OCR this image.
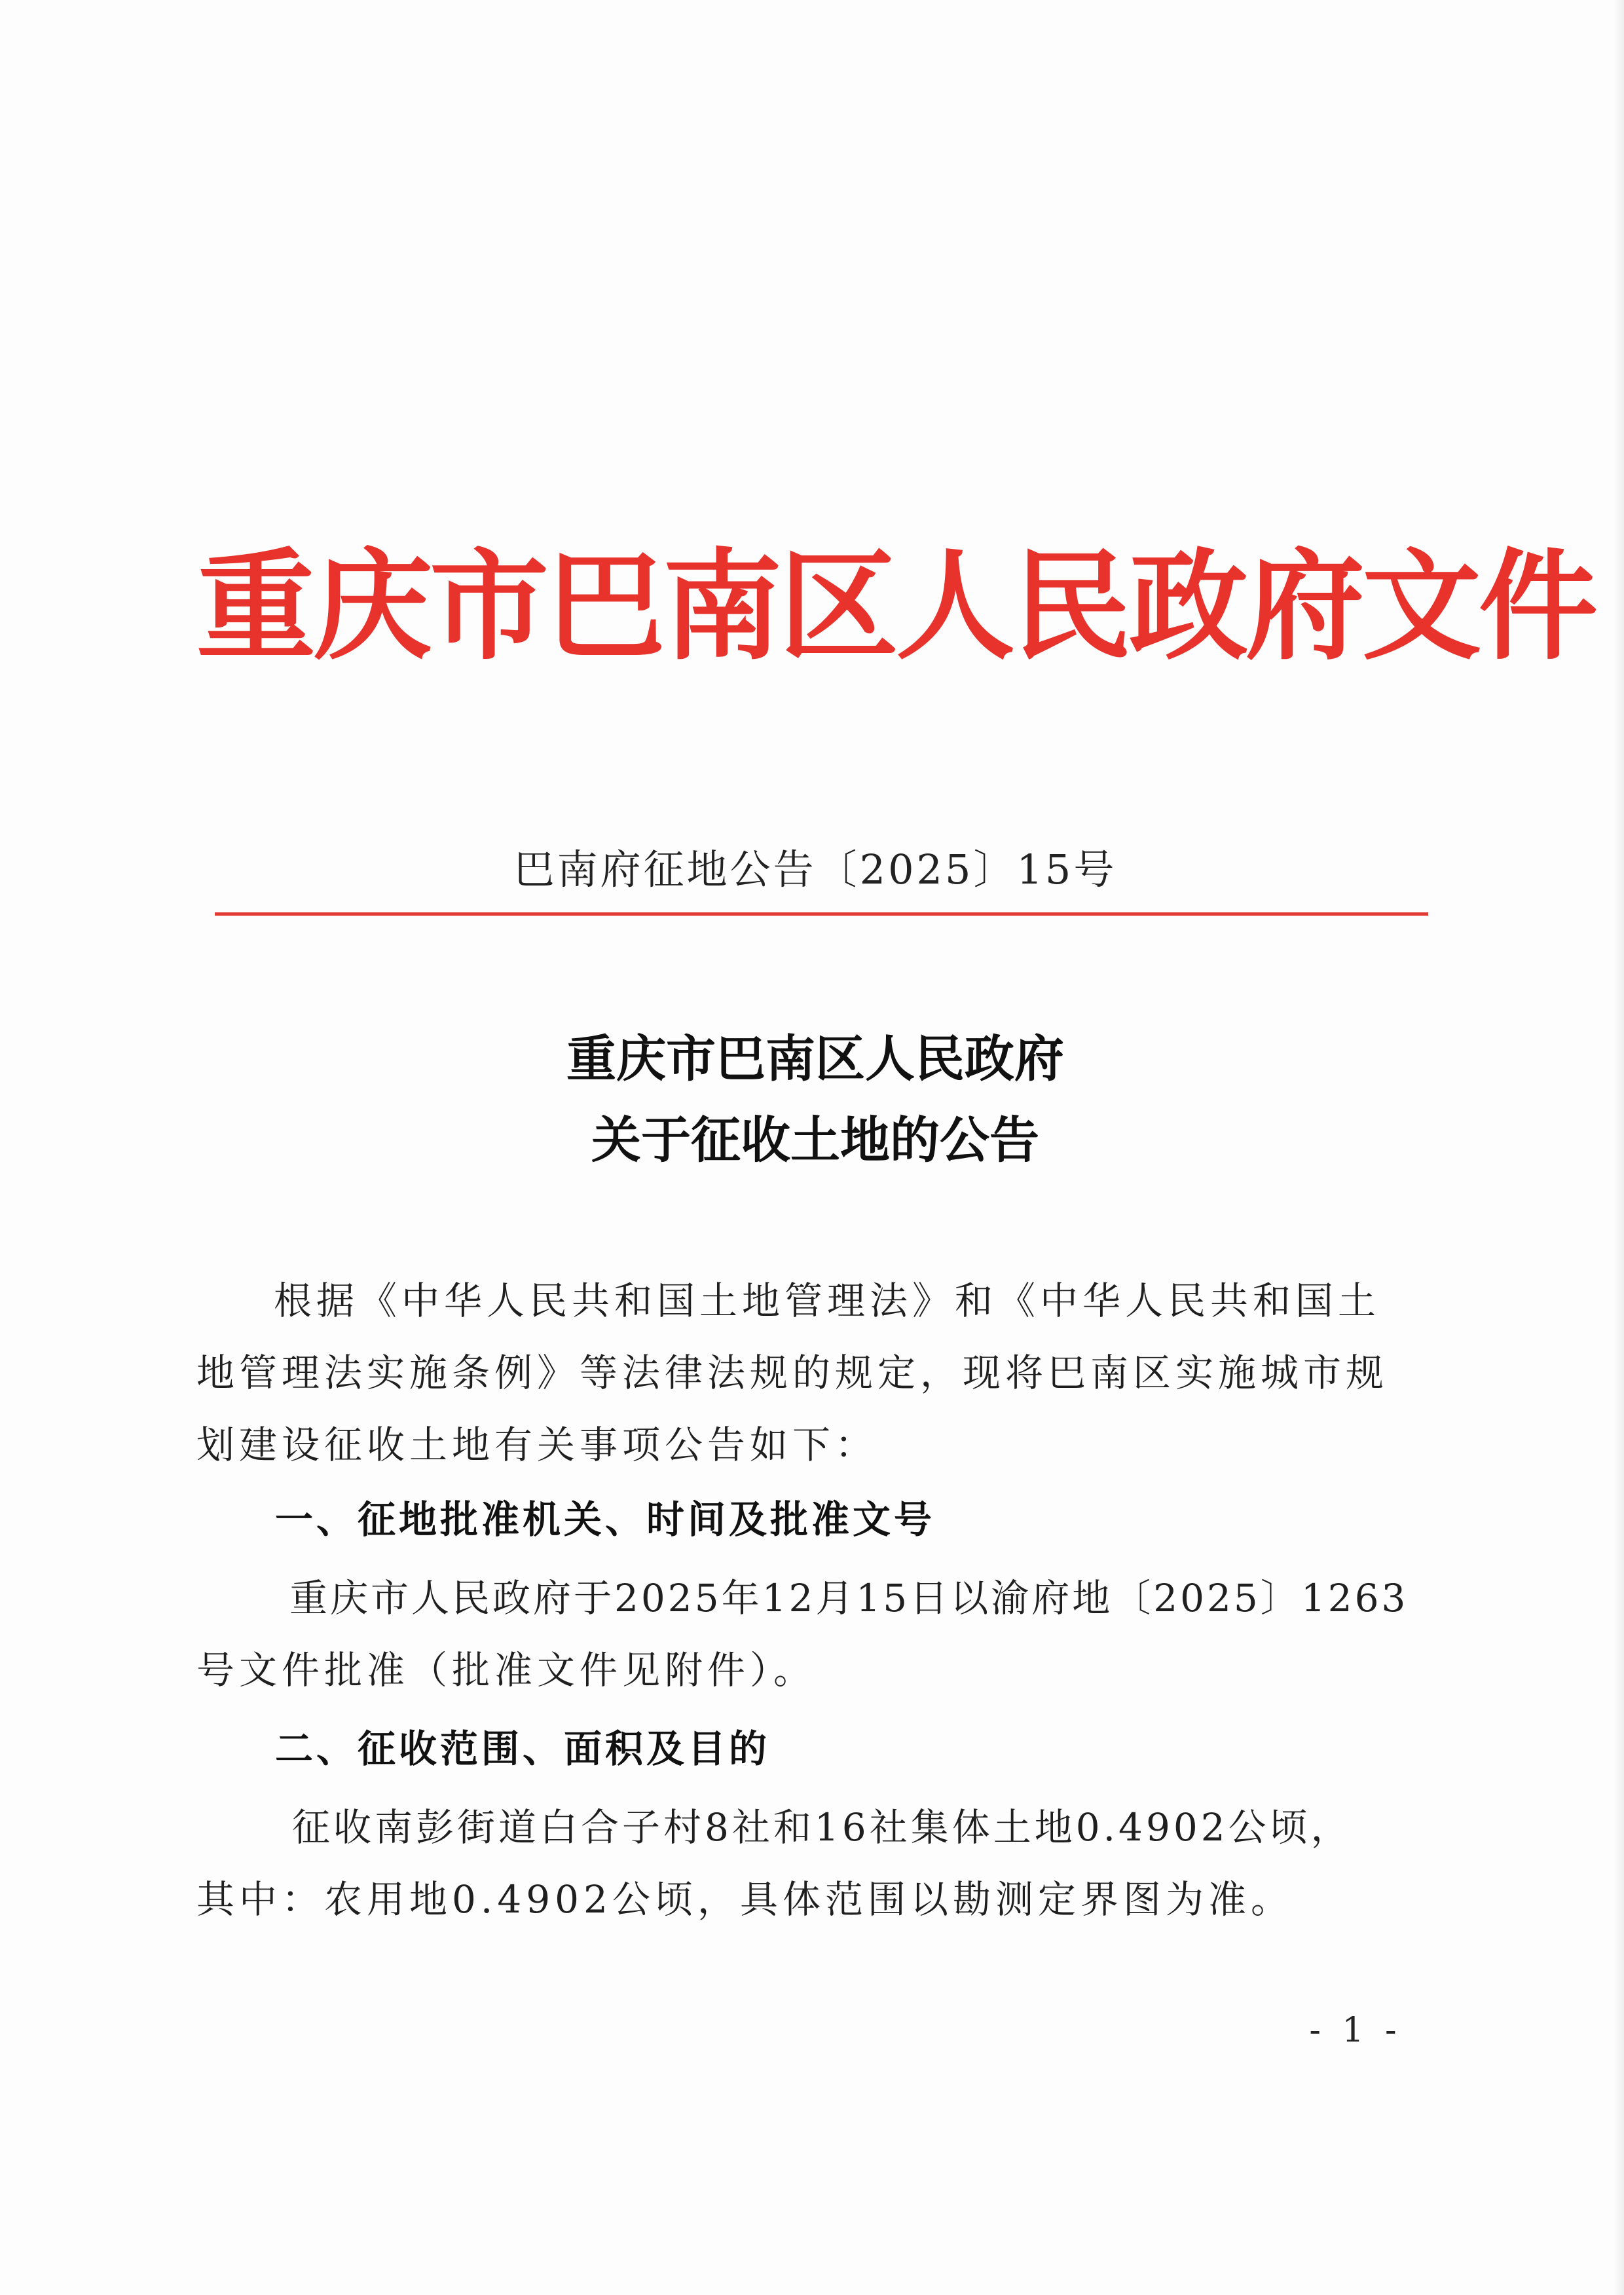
重庆市巴南区人民政府文件
巴南府征地公告〔2025〕15号
重庆市巴南区人民政府
关于征收土地的公告
根据《中华人民共和国土地管理法》和《中华人民共和国土
地管理法实施条例》等法律法规的规定，现将巴南区实施城市规
划建设征收土地有关事项公告如下：
一、征地批准机关、时间及批准文号
重庆市人民政府于2025年12月15日以渝府地〔2025〕1263
号文件批准（批准文件见附件）。
二、征收范围、面积及目的
征收南彭街道白合子村8社和16社集体土地0.4902公顷，
其中：农用地0.4902公顷，具体范围以勘测定界图为准。
- 1 -
